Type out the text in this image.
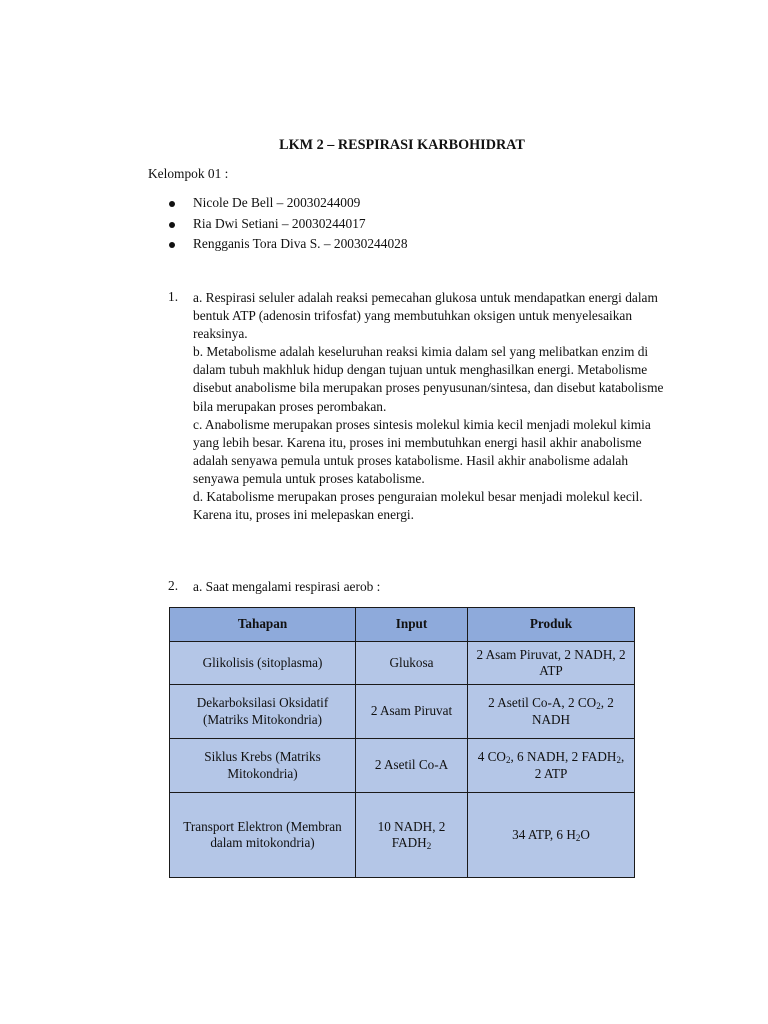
LKM 2 – RESPIRASI KARBOHIDRAT
Kelompok 01 :
Nicole De Bell – 20030244009
Ria Dwi Setiani – 20030244017
Rengganis Tora Diva S. – 20030244028
1. a. Respirasi seluler adalah reaksi pemecahan glukosa untuk mendapatkan energi dalam bentuk ATP (adenosin trifosfat) yang membutuhkan oksigen untuk menyelesaikan reaksinya.

b. Metabolisme adalah keseluruhan reaksi kimia dalam sel yang melibatkan enzim di dalam tubuh makhluk hidup dengan tujuan untuk menghasilkan energi. Metabolisme disebut anabolisme bila merupakan proses penyusunan/sintesa, dan disebut katabolisme bila merupakan proses perombakan.

c. Anabolisme merupakan proses sintesis molekul kimia kecil menjadi molekul kimia yang lebih besar. Karena itu, proses ini membutuhkan energi hasil akhir anabolisme adalah senyawa pemula untuk proses katabolisme. Hasil akhir anabolisme adalah senyawa pemula untuk proses katabolisme.

d. Katabolisme merupakan proses penguraian molekul besar menjadi molekul kecil. Karena itu, proses ini melepaskan energi.

2. a. Saat mengalami respirasi aerob :
Tahapan	Input	Produk
Glikolisis (sitoplasma)	Glukosa	2 Asam Piruvat, 2 NADH, 2 ATP
Dekarboksilasi Oksidatif (Matriks Mitokondria)	2 Asam Piruvat	2 Asetil Co-A, 2 $CO_2$, 2 NADH
Siklus Krebs (Matriks Mitokondria)	2 Asetil Co-A	4 $CO_2$, 6 NADH, 2 $FADH_2$, 2 ATP
Transport Elektron (Membran dalam mitokondria)	10 NADH, 2 $FADH_2$	34 ATP, 6 $H_2O$
